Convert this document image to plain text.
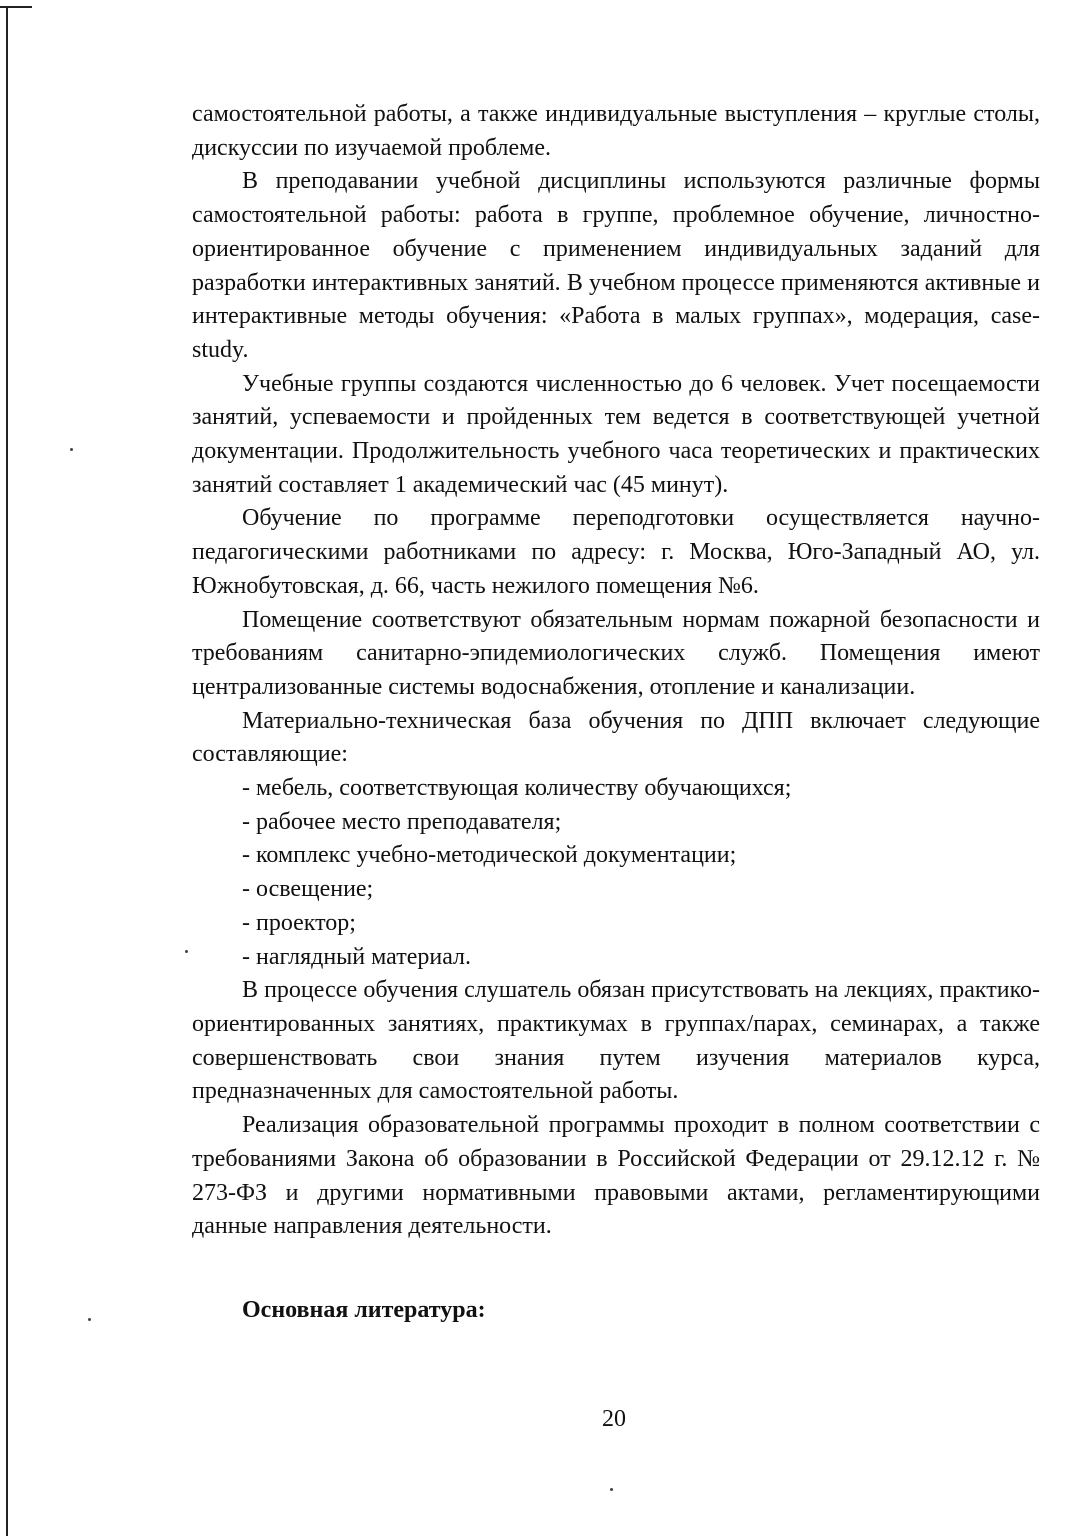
самостоятельной работы, а также индивидуальные выступления – круглые столы, дискуссии по изучаемой проблеме.

В преподавании учебной дисциплины используются различные формы самостоятельной работы: работа в группе, проблемное обучение, личностно-ориентированное обучение с применением индивидуальных заданий для разработки интерактивных занятий. В учебном процессе применяются активные и интерактивные методы обучения: «Работа в малых группах», модерация, case-study.

Учебные группы создаются численностью до 6 человек. Учет посещаемости занятий, успеваемости и пройденных тем ведется в соответствующей учетной документации. Продолжительность учебного часа теоретических и практических занятий составляет 1 академический час (45 минут).

Обучение по программе переподготовки осуществляется научно-педагогическими работниками по адресу: г. Москва, Юго-Западный АО, ул. Южнобутовская, д. 66, часть нежилого помещения №6.

Помещение соответствуют обязательным нормам пожарной безопасности и требованиям санитарно-эпидемиологических служб. Помещения имеют централизованные системы водоснабжения, отопление и канализации.

Материально-техническая база обучения по ДПП включает следующие составляющие:

- мебель, соответствующая количеству обучающихся;
- рабочее место преподавателя;
- комплекс учебно-методической документации;
- освещение;
- проектор;
- наглядный материал.

В процессе обучения слушатель обязан присутствовать на лекциях, практико-ориентированных занятиях, практикумах в группах/парах, семинарах, а также совершенствовать свои знания путем изучения материалов курса, предназначенных для самостоятельной работы.

Реализация образовательной программы проходит в полном соответствии с требованиями Закона об образовании в Российской Федерации от 29.12.12 г. № 273-ФЗ и другими нормативными правовыми актами, регламентирующими данные направления деятельности.

Основная литература:

20
